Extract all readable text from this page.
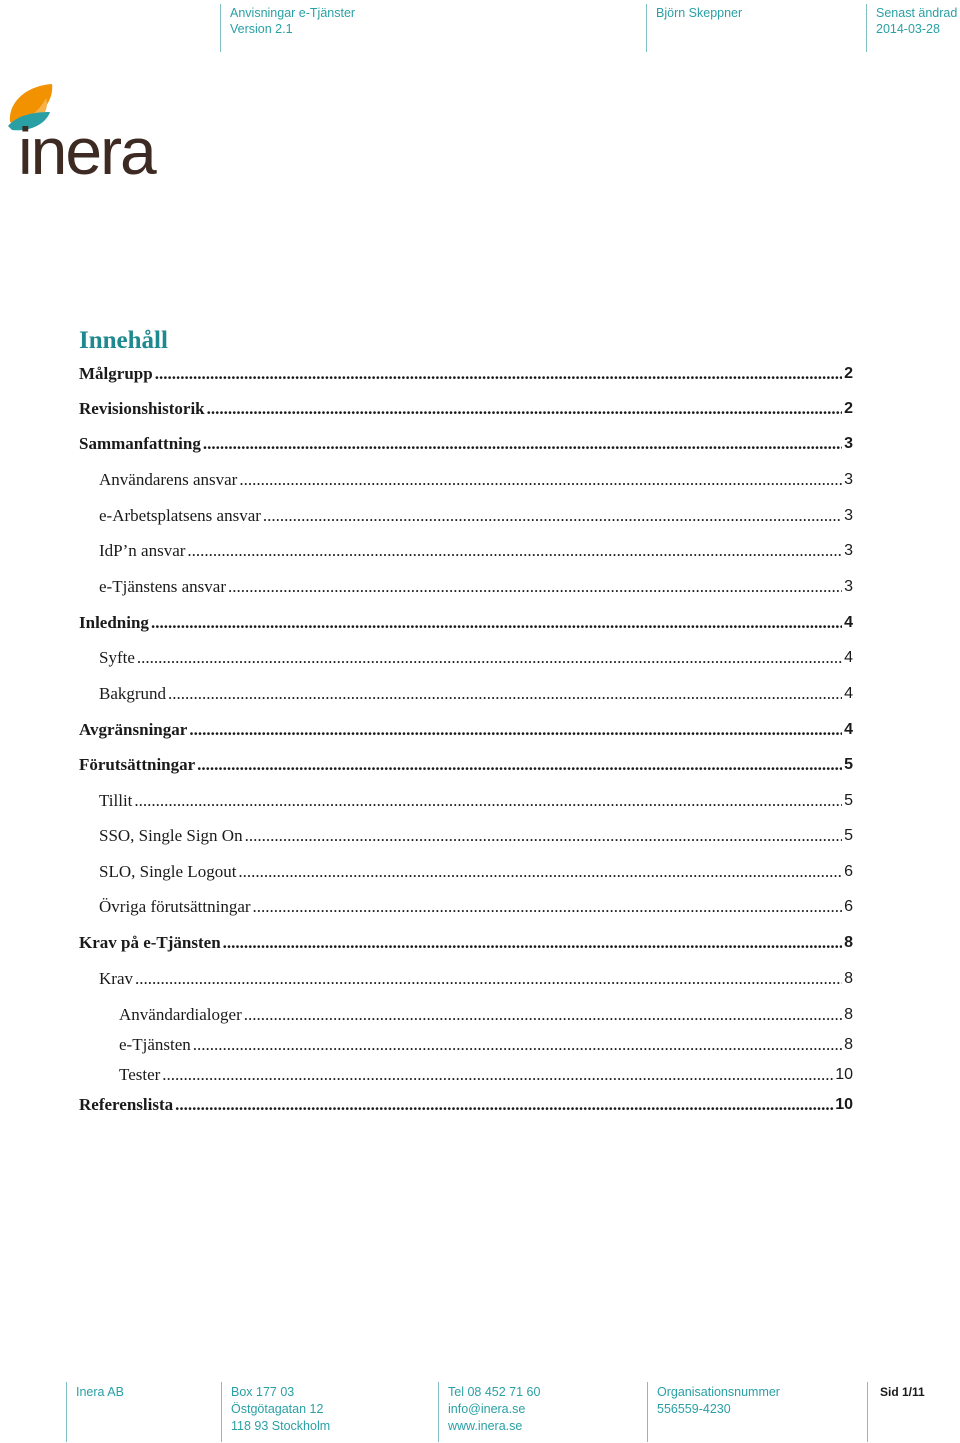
Anvisningar e-Tjänster
Version 2.1
Björn Skeppner	Senast ändrad
2014-03-28
inera
Innehåll
Målgrupp .....	2
Revisionshistorik .....	2
Sammanfattning .....	3
Användarens ansvar .....	3
e-Arbetsplatsens ansvar .....	3
IdP’n ansvar .....	3
e-Tjänstens ansvar .....	3
Inledning .....	4
Syfte .....	4
Bakgrund .....	4
Avgränsningar .....	4
Förutsättningar .....	5
Tillit .....	5
SSO, Single Sign On .....	5
SLO, Single Logout .....	6
Övriga förutsättningar .....	6
Krav på e-Tjänsten .....	8
Krav .....	8
Användardialoger .....	8
e-Tjänsten .....	8
Tester .....	10
Referenslista .....	10
Inera AB	Box 177 03
Östgötagatan 12
118 93 Stockholm
Tel 08 452 71 60
info@inera.se
www.inera.se
Organisationsnummer
556559-4230
Sid 1/11
